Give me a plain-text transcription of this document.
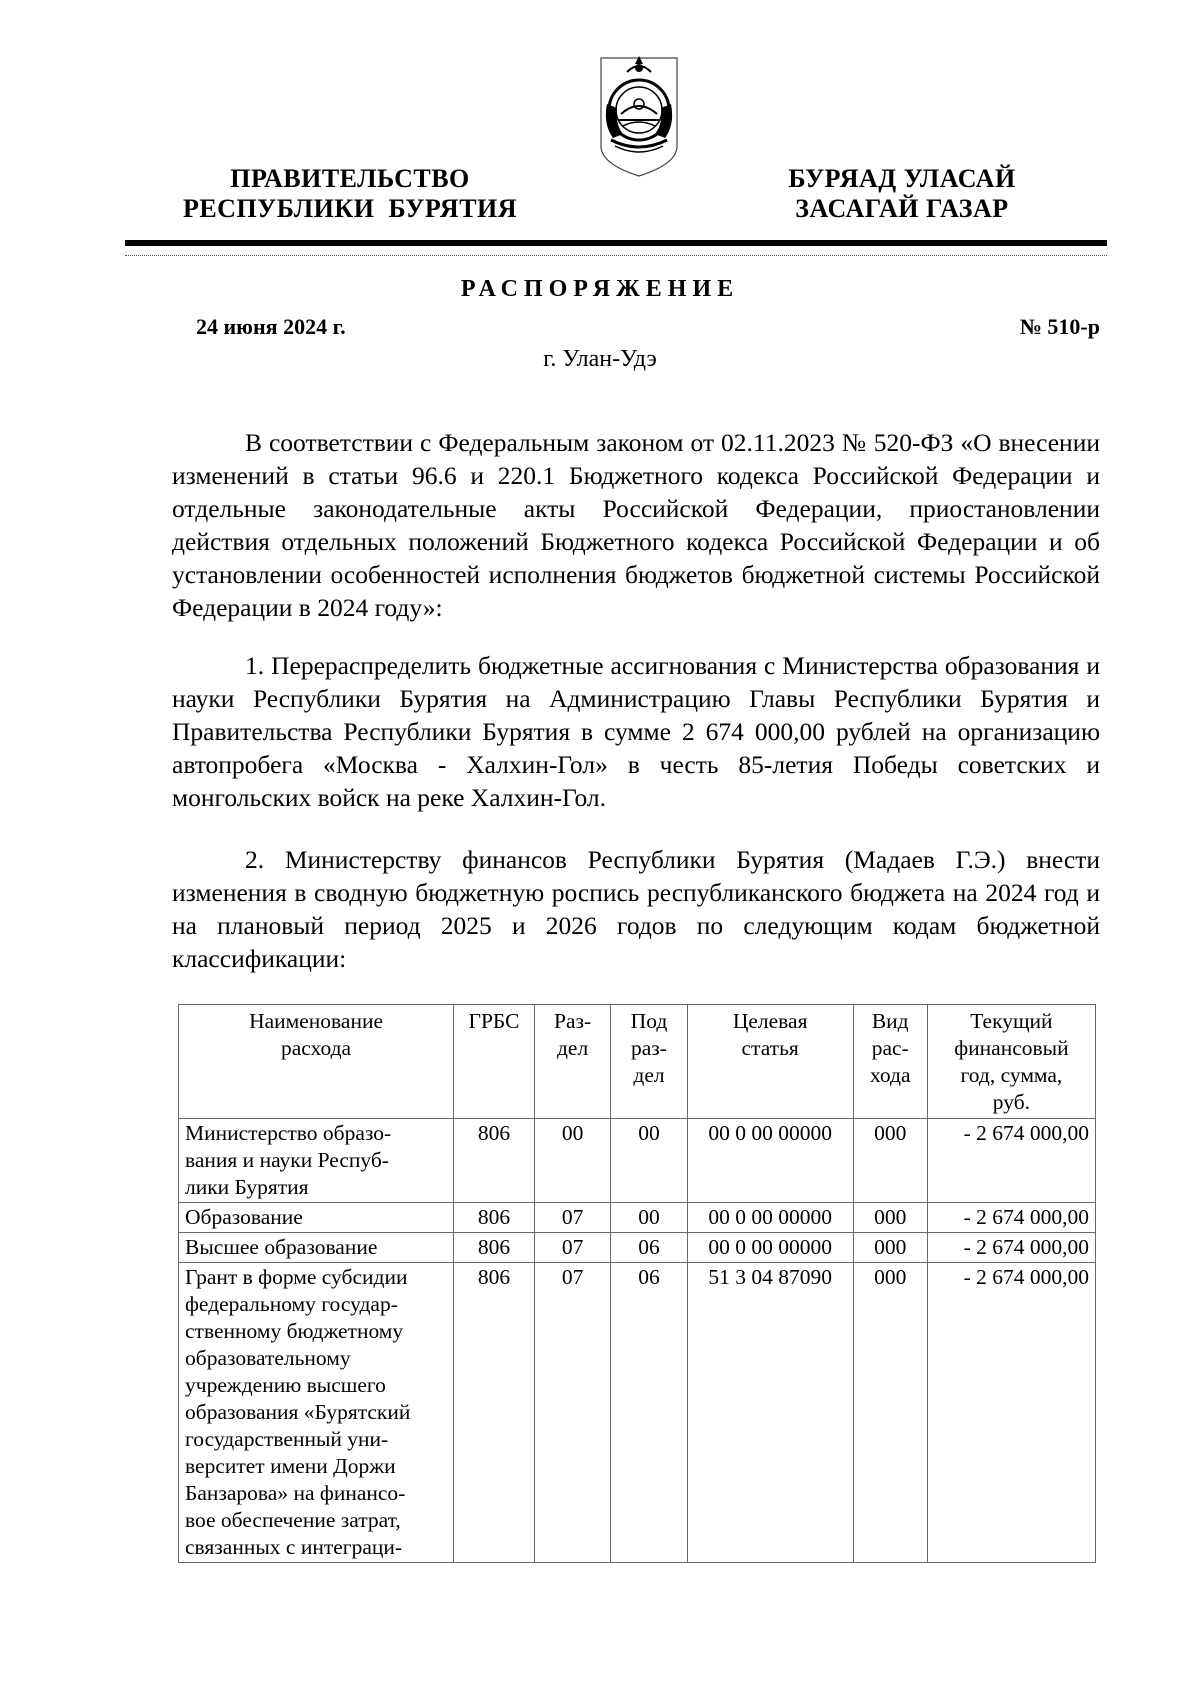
ПРАВИТЕЛЬСТВО
РЕСПУБЛИКИ  БУРЯТИЯ
БУРЯАД УЛАСАЙ
ЗАСАГАЙ ГАЗАР
РАСПОРЯЖЕНИЕ
24 июня 2024 г.	№ 510-р
г. Улан-Удэ

В соответствии с Федеральным законом от 02.11.2023 № 520-ФЗ «О внесении изменений в статьи 96.6 и 220.1 Бюджетного кодекса Российской Федерации и отдельные законодательные акты Российской Федерации, приостановлении действия отдельных положений Бюджетного кодекса Российской Федерации и об установлении особенностей исполнения бюджетов бюджетной системы Российской Федерации в 2024 году»:

1. Перераспределить бюджетные ассигнования с Министерства образования и науки Республики Бурятия на Администрацию Главы Республики Бурятия и Правительства Республики Бурятия в сумме 2 674 000,00 рублей на организацию автопробега «Москва - Халхин-Гол» в честь 85-летия Победы советских и монгольских войск на реке Халхин-Гол.

2. Министерству финансов Республики Бурятия (Мадаев Г.Э.) внести изменения в сводную бюджетную роспись республиканского бюджета на 2024 год и на плановый период 2025 и 2026 годов по следующим кодам бюджетной классификации:

Наименование расхода	ГРБС	Раз-дел	Под раз-дел	Целевая статья	Вид рас-хода	Текущий финансовый год, сумма, руб.

Министерство образо-вания и науки Респуб-лики Бурятия	806	00	00	00 0 00 00000	000	- 2 674 000,00
Образование	806	07	00	00 0 00 00000	000	- 2 674 000,00
Высшее образование	806	07	06	00 0 00 00000	000	- 2 674 000,00

Грант в форме субсидии федеральному государ-ственному бюджетному образовательному учреждению высшего образования «Бурятский государственный уни-верситет имени Доржи Банзарова» на финансо-вое обеспечение затрат, связанных с интеграци-	806	07	06	51 3 04 87090	000	- 2 674 000,00
